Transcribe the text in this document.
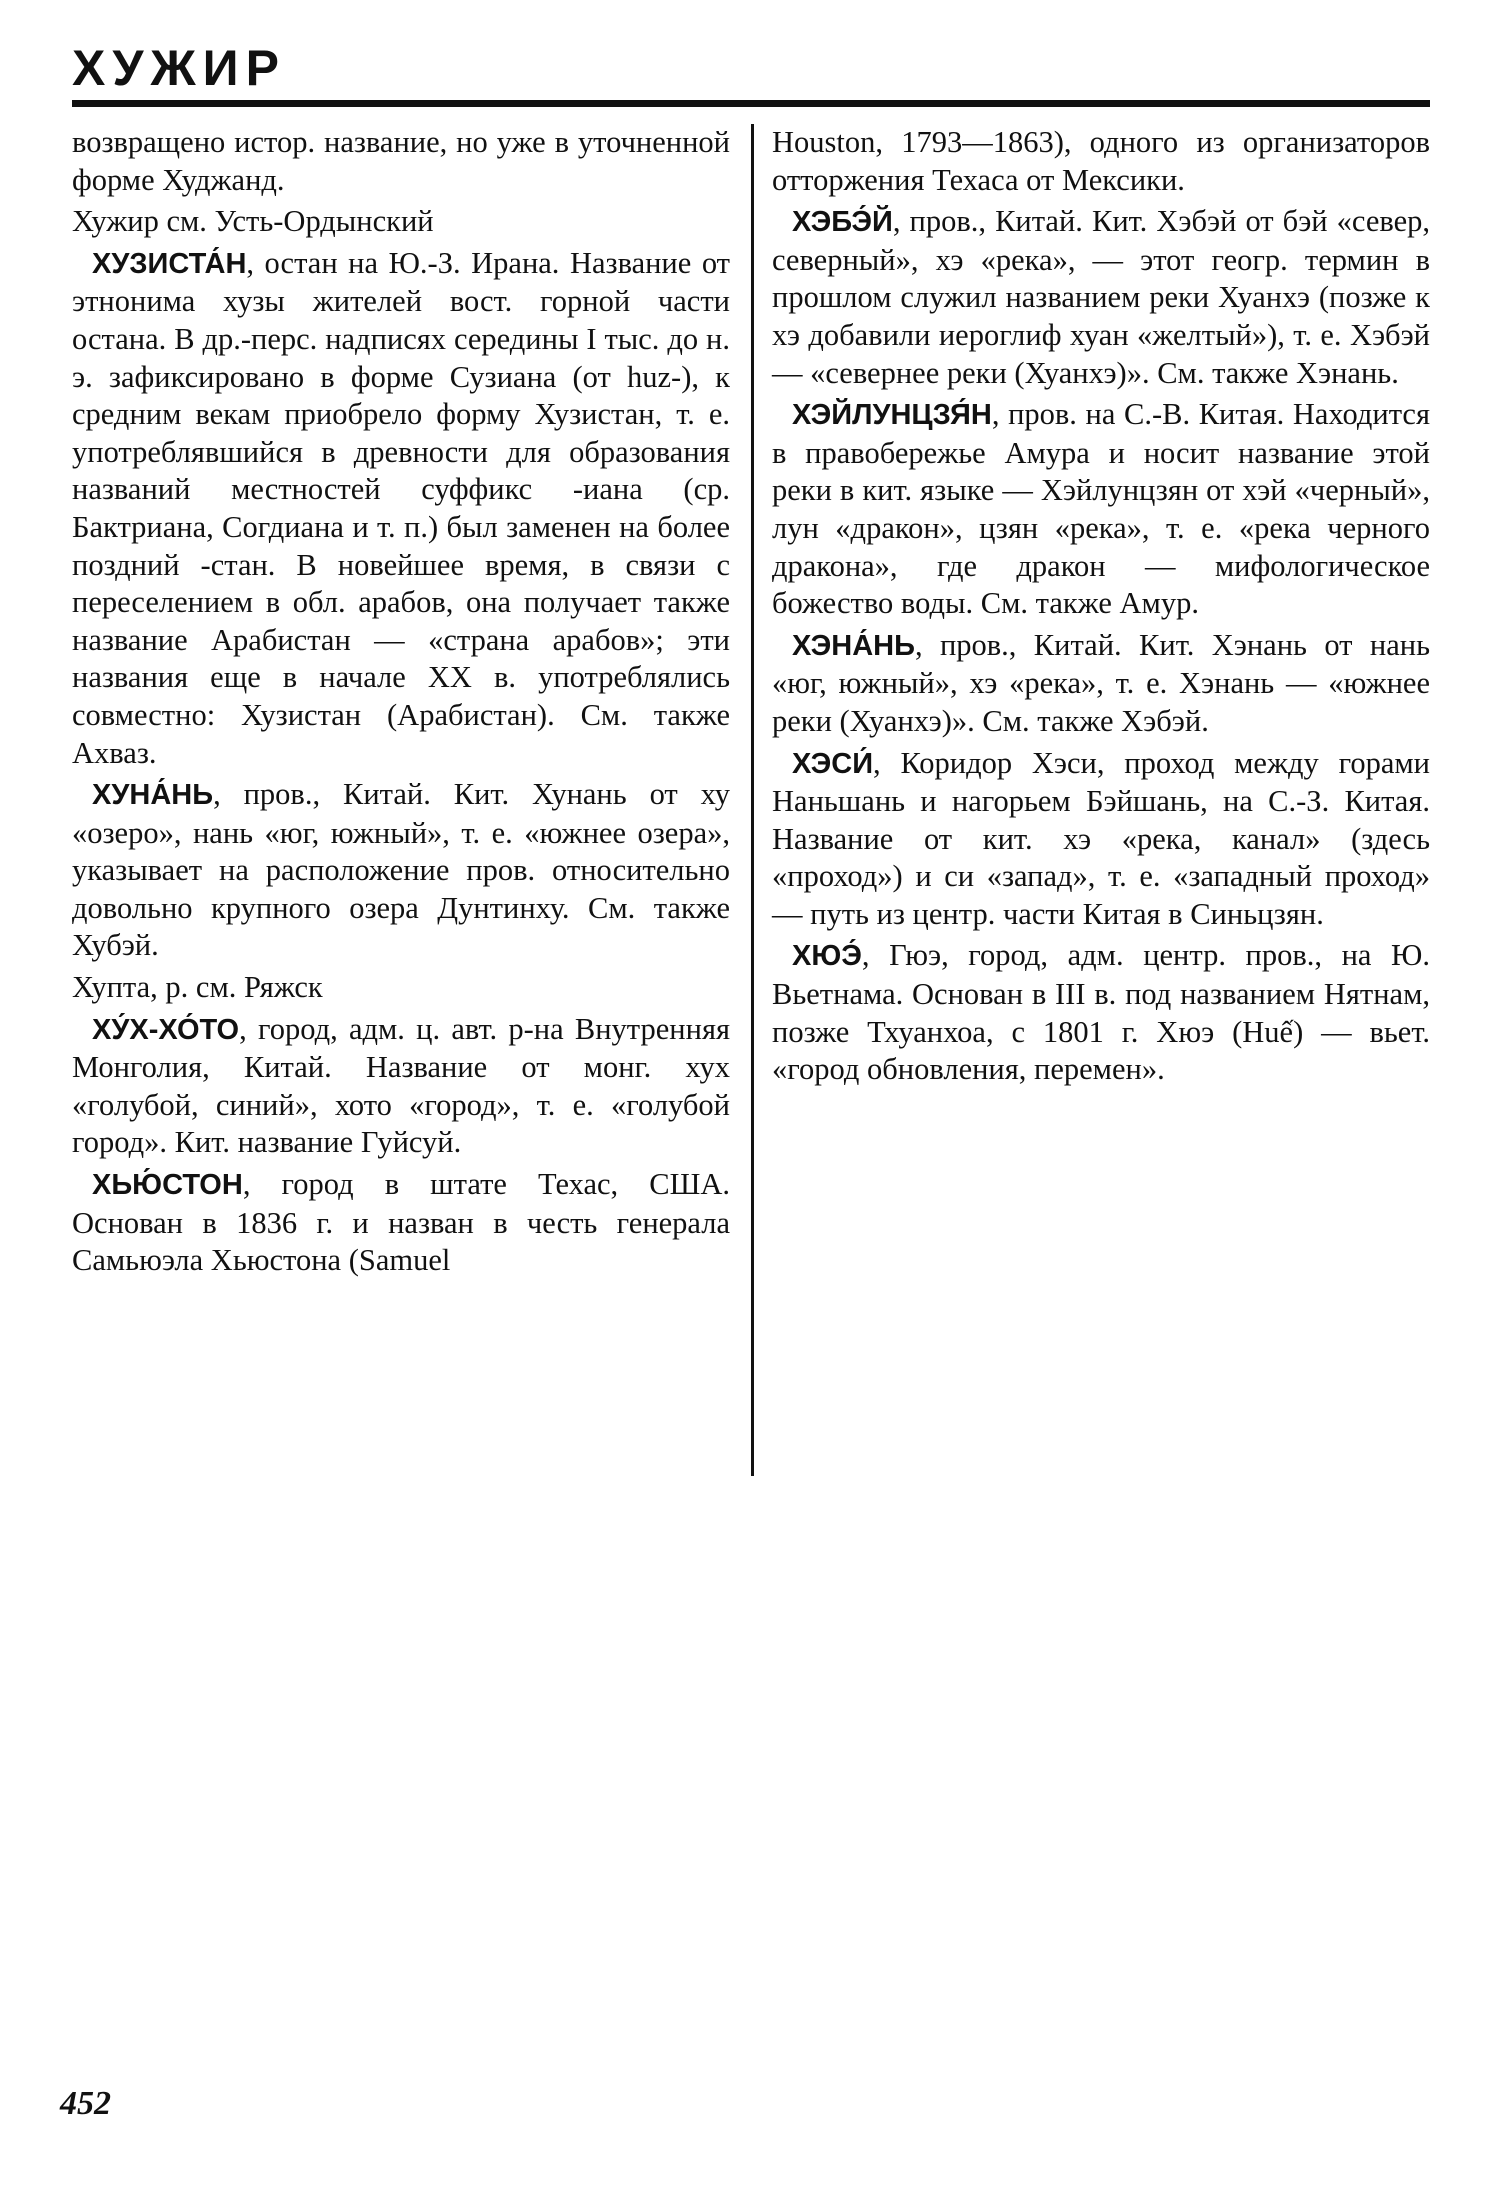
ХУЖИР

возвращено истор. название, но уже в уточненной форме Худжанд.

Хужир см. Усть-Ордынский

ХУЗИСТА́Н, остан на Ю.-З. Ирана. Название от этнонима хузы жителей вост. горной части остана. В др.-перс. надписях середины I тыс. до н. э. зафиксировано в форме Сузиана (от huz-), к средним векам приобрело форму Хузистан, т. е. употреблявшийся в древности для образования названий местностей суффикс -иана (ср. Бактриана, Согдиана и т. п.) был заменен на более поздний -стан. В новейшее время, в связи с переселением в обл. арабов, она получает также название Арабистан — «страна арабов»; эти названия еще в начале XX в. употреблялись совместно: Хузистан (Арабистан). См. также Ахваз.

ХУНА́НЬ, пров., Китай. Кит. Хунань от ху «озеро», нань «юг, южный», т. е. «южнее озера», указывает на расположение пров. относительно довольно крупного озера Дунтинху. См. также Хубэй.

Хупта, р. см. Ряжск

ХУ́Х-ХО́ТО, город, адм. ц. авт. р-на Внутренняя Монголия, Китай. Название от монг. хух «голубой, синий», хото «город», т. е. «голубой город». Кит. название Гуйсуй.

ХЬЮ́СТОН, город в штате Техас, США. Основан в 1836 г. и назван в честь генерала Самьюэла Хьюстона (Samuel

Houston, 1793—1863), одного из организаторов отторжения Техаса от Мексики.

ХЭБЭ́Й, пров., Китай. Кит. Хэбэй от бэй «север, северный», хэ «река», — этот геогр. термин в прошлом служил названием реки Хуанхэ (позже к хэ добавили иероглиф хуан «желтый»), т. е. Хэбэй — «севернее реки (Хуанхэ)». См. также Хэнань.

ХЭЙЛУНЦЗЯ́Н, пров. на С.-В. Китая. Находится в правобережье Амура и носит название этой реки в кит. языке — Хэйлунцзян от хэй «черный», лун «дракон», цзян «река», т. е. «река черного дракона», где дракон — мифологическое божество воды. См. также Амур.

ХЭНА́НЬ, пров., Китай. Кит. Хэнань от нань «юг, южный», хэ «река», т. е. Хэнань — «южнее реки (Хуанхэ)». См. также Хэбэй.

ХЭСИ́, Коридор Хэси, проход между горами Наньшань и нагорьем Бэйшань, на С.-З. Китая. Название от кит. хэ «река, канал» (здесь «проход») и си «запад», т. е. «западный проход» — путь из центр. части Китая в Синьцзян.

ХЮЭ́, Гюэ, город, адм. центр. пров., на Ю. Вьетнама. Основан в III в. под названием Нятнам, позже Тхуанхоа, с 1801 г. Хюэ (Huế) — вьет. «город обновления, перемен».

452
